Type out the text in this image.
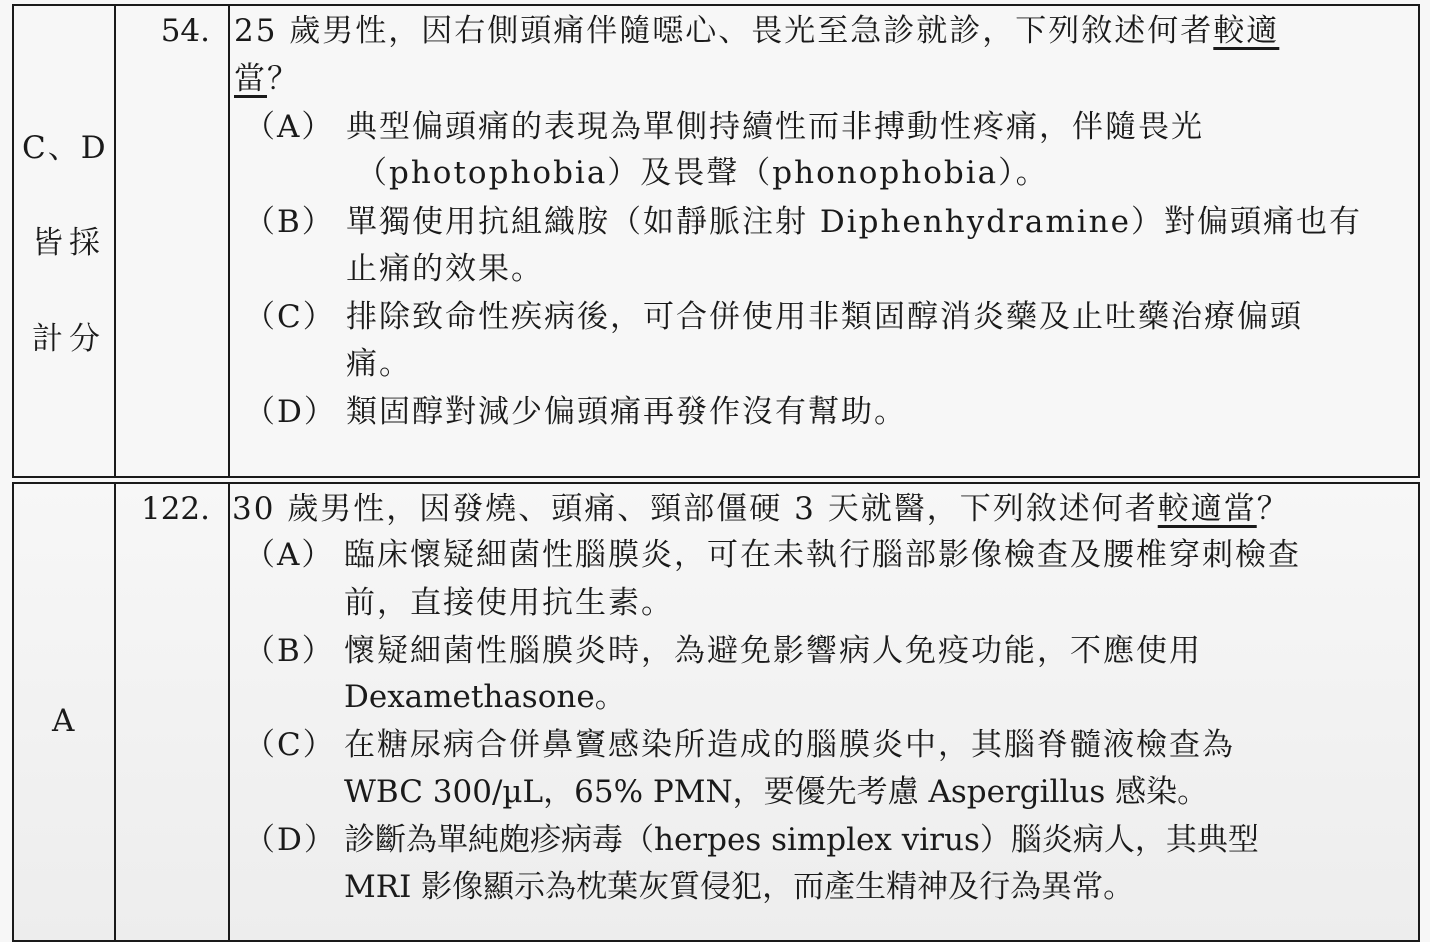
C、D
皆採
計分
54. 25 歲男性，因右側頭痛伴隨噁心、畏光至急診就診，下列敘述何者較適
當？
（A） 典型偏頭痛的表現為單側持續性而非搏動性疼痛，伴隨畏光
（photophobia）及畏聲（phonophobia）。
（B） 單獨使用抗組織胺（如靜脈注射 Diphenhydramine）對偏頭痛也有
止痛的效果。
（C） 排除致命性疾病後，可合併使用非類固醇消炎藥及止吐藥治療偏頭
痛。
（D） 類固醇對減少偏頭痛再發作沒有幫助。
A
122. 30 歲男性，因發燒、頭痛、頸部僵硬 3 天就醫，下列敘述何者較適當？
（A） 臨床懷疑細菌性腦膜炎，可在未執行腦部影像檢查及腰椎穿刺檢查
前，直接使用抗生素。
（B） 懷疑細菌性腦膜炎時，為避免影響病人免疫功能，不應使用
Dexamethasone。
（C） 在糖尿病合併鼻竇感染所造成的腦膜炎中，其腦脊髓液檢查為
WBC 300/µL，65% PMN，要優先考慮 Aspergillus 感染。
（D） 診斷為單純皰疹病毒（herpes simplex virus）腦炎病人，其典型
MRI 影像顯示為枕葉灰質侵犯，而產生精神及行為異常。
